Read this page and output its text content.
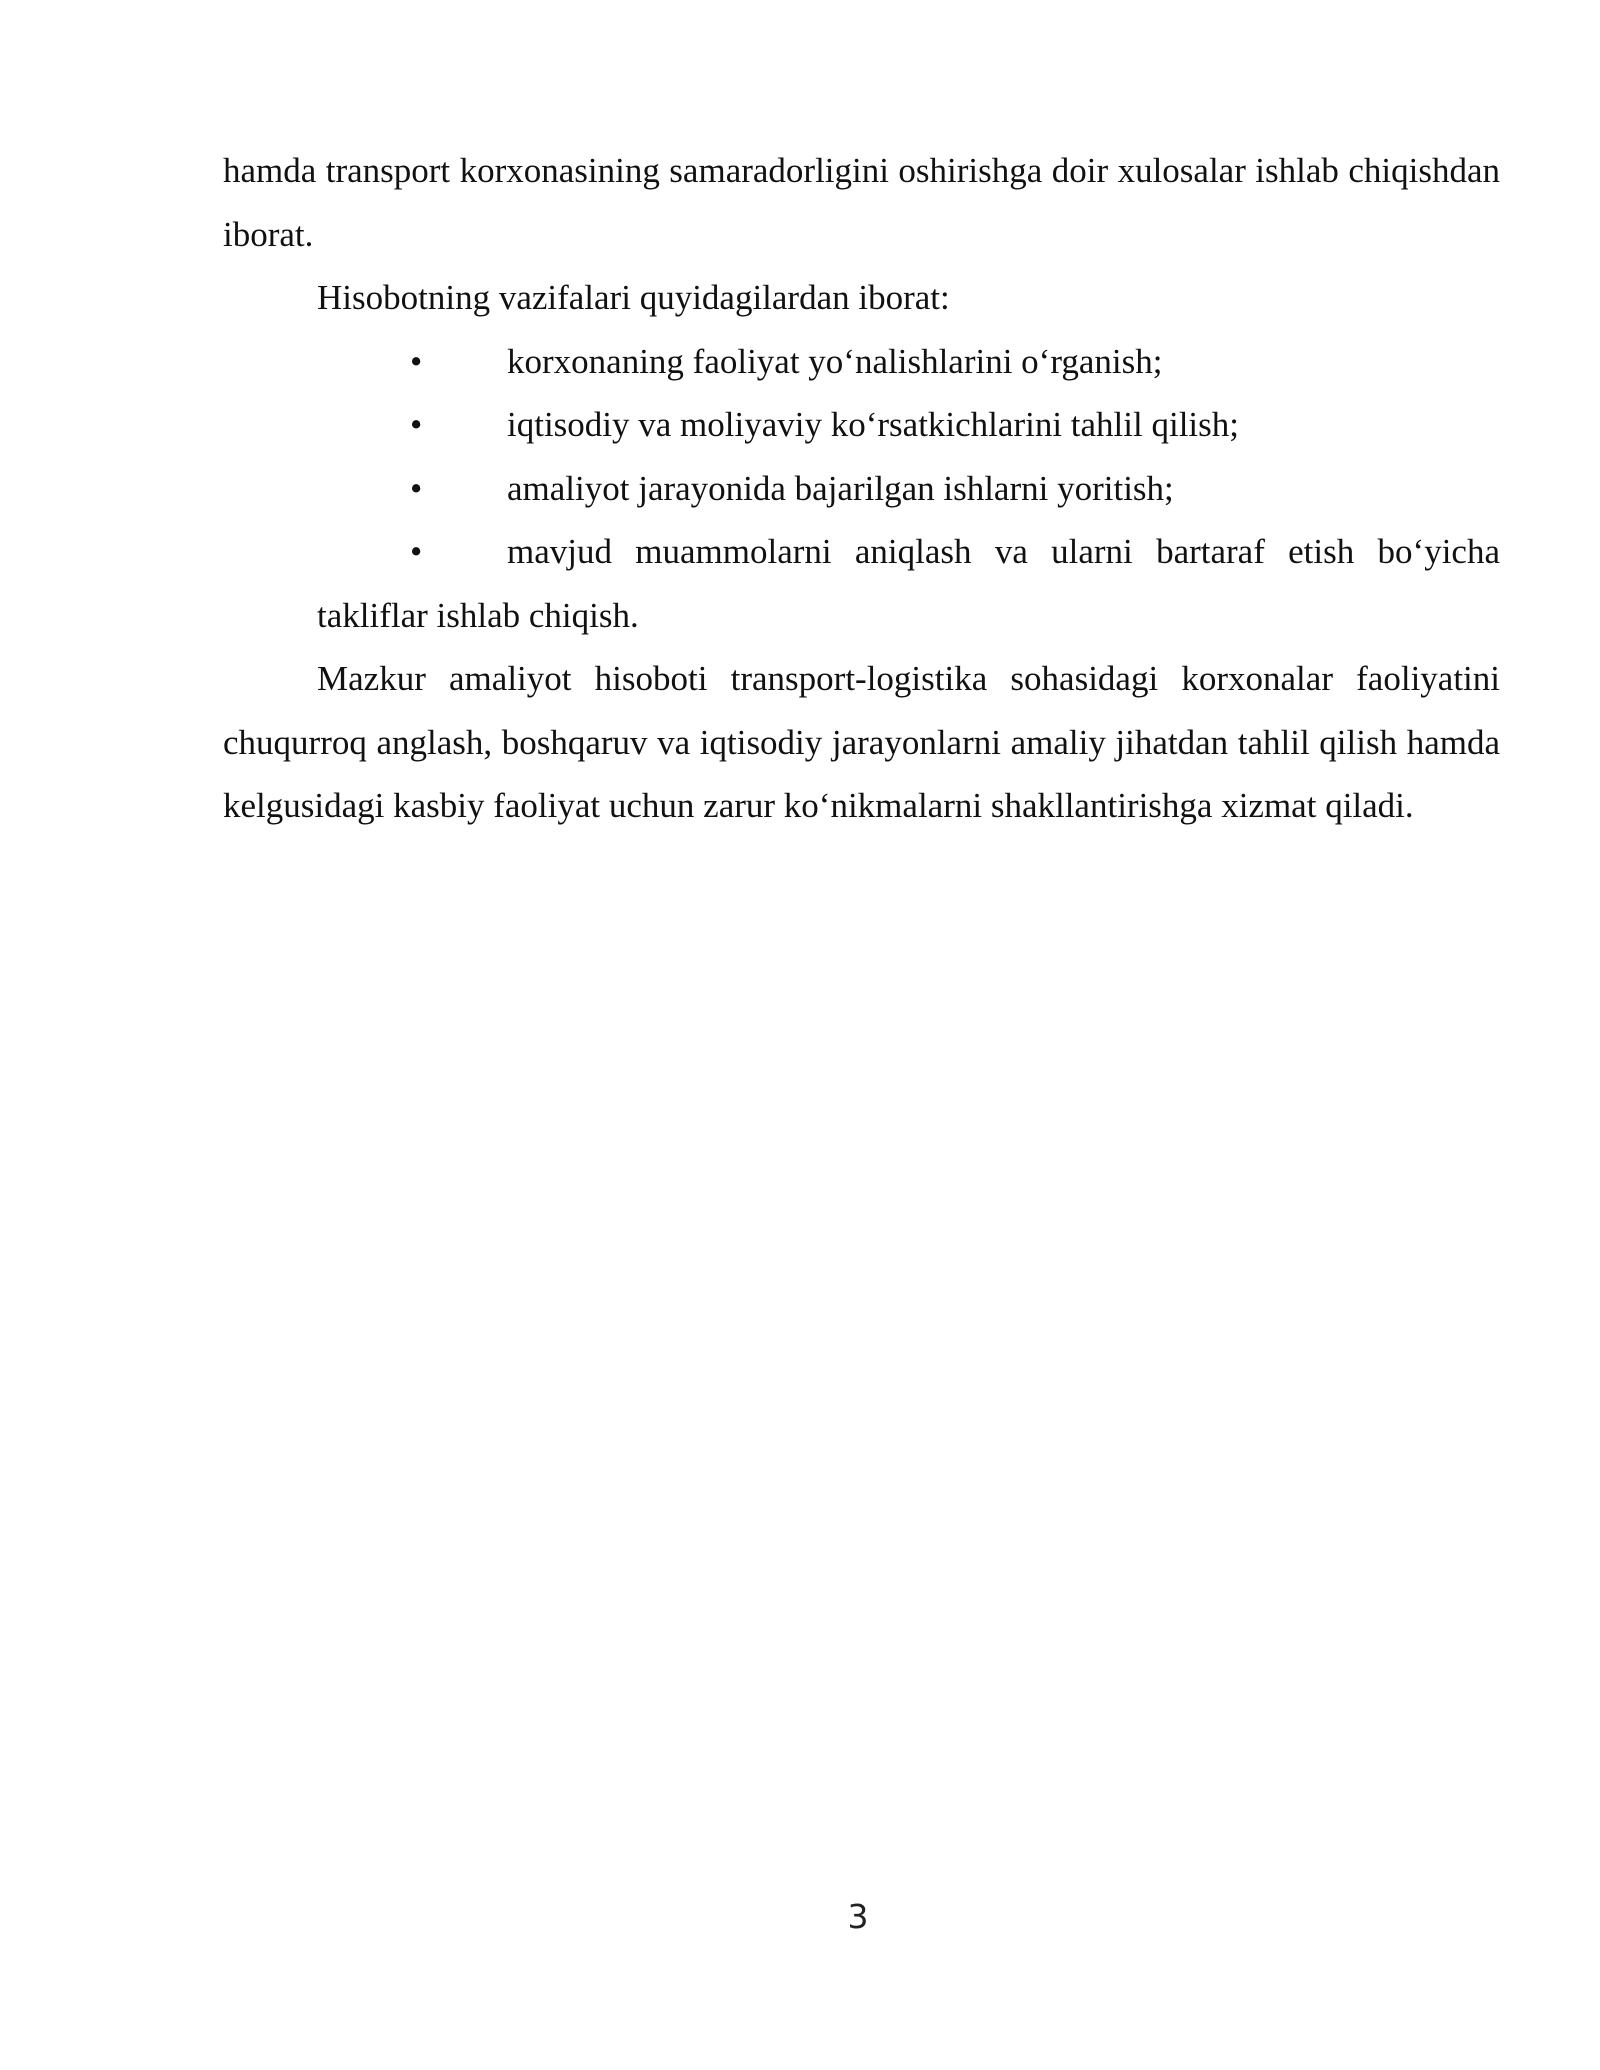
hamda transport korxonasining samaradorligini oshirishga doir xulosalar ishlab chiqishdan iborat.

Hisobotning vazifalari quyidagilardan iborat:

• korxonaning faoliyat yo‘nalishlarini o‘rganish;
• iqtisodiy va moliyaviy ko‘rsatkichlarini tahlil qilish;
• amaliyot jarayonida bajarilgan ishlarni yoritish;
• mavjud muammolarni aniqlash va ularni bartaraf etish bo‘yicha takliflar ishlab chiqish.

Mazkur amaliyot hisoboti transport-logistika sohasidagi korxonalar faoliyatini chuqurroq anglash, boshqaruv va iqtisodiy jarayonlarni amaliy jihatdan tahlil qilish hamda kelgusidagi kasbiy faoliyat uchun zarur ko‘nikmalarni shakllantirishga xizmat qiladi.

3
